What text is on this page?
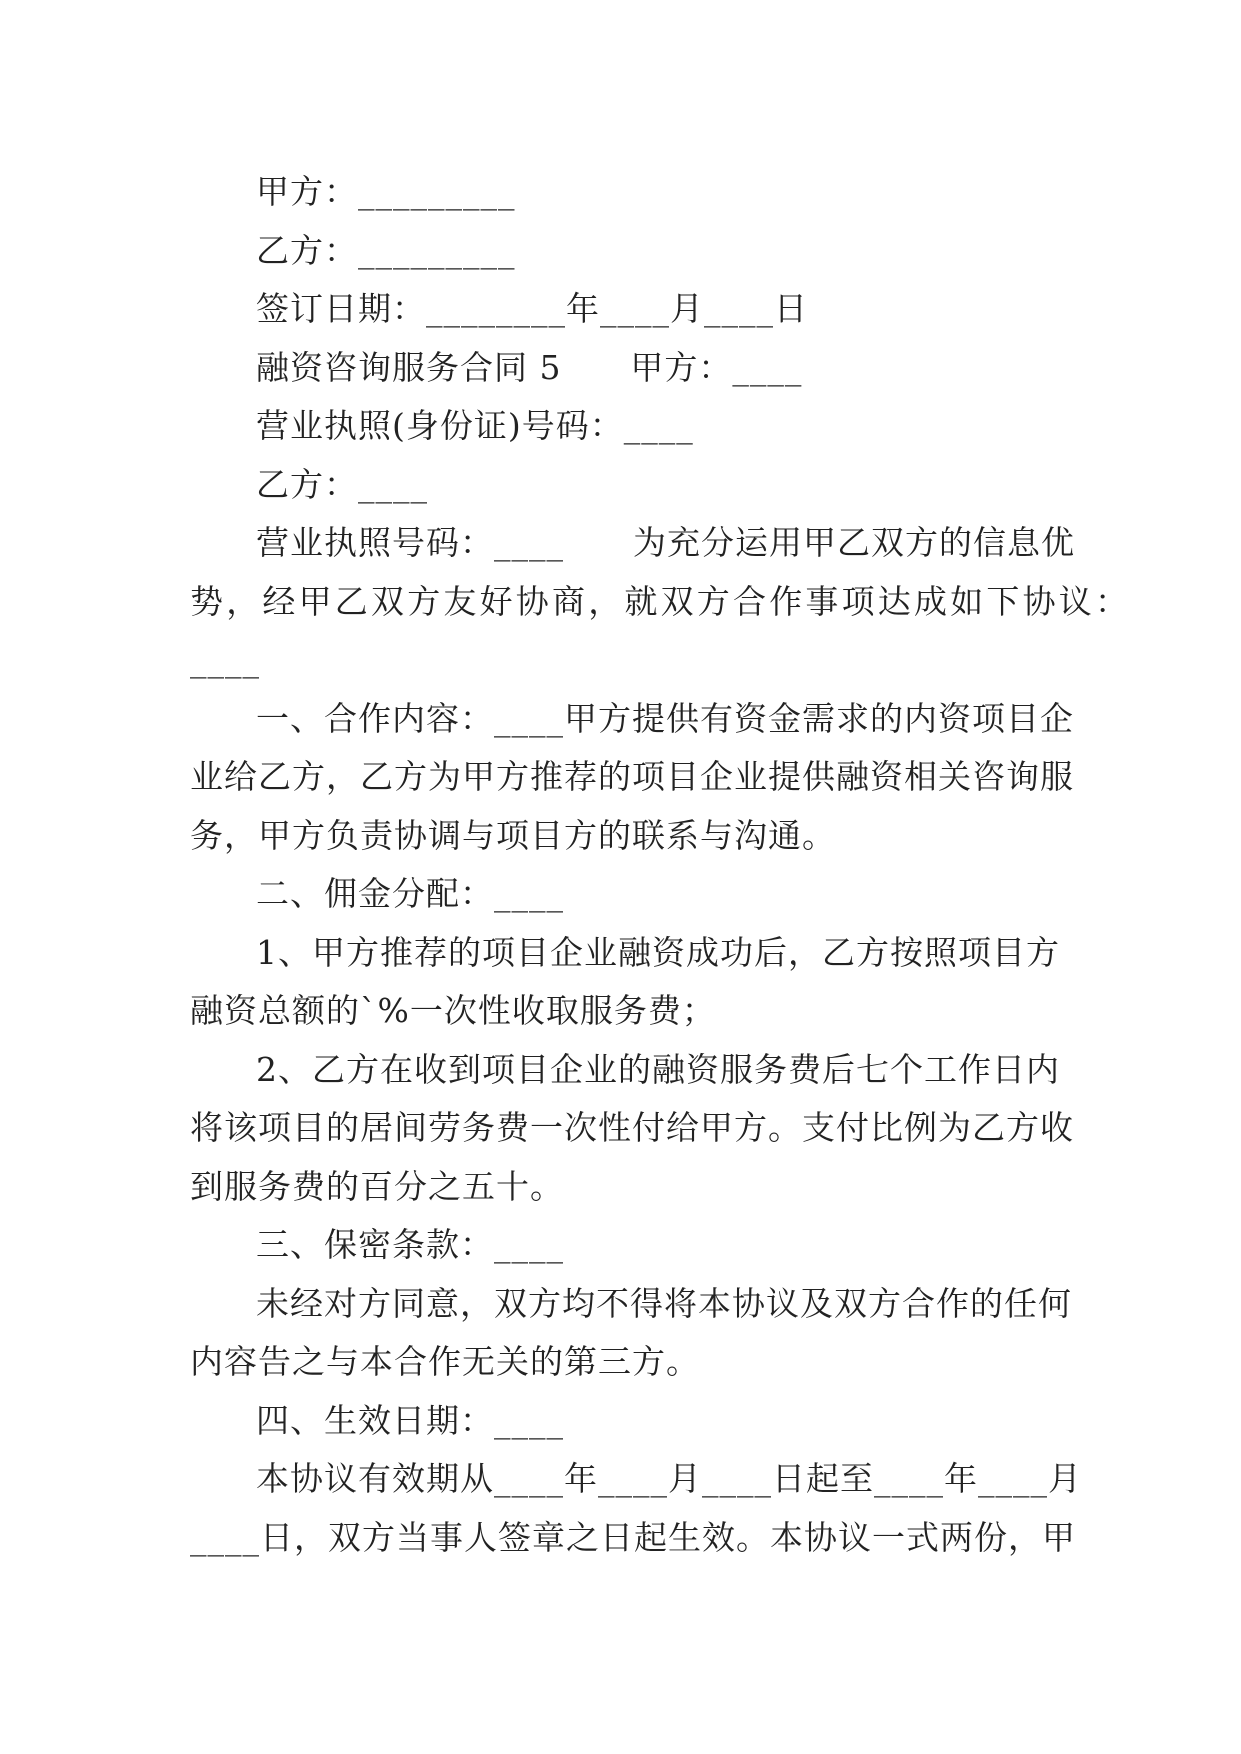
甲方：_________
乙方：_________
签订日期：________年____月____日
融资咨询服务合同 5      甲方：____
营业执照(身份证)号码：____
乙方：____
营业执照号码：____      为充分运用甲乙双方的信息优
势，经甲乙双方友好协商，就双方合作事项达成如下协议：
____
一、合作内容：____甲方提供有资金需求的内资项目企
业给乙方，乙方为甲方推荐的项目企业提供融资相关咨询服
务，甲方负责协调与项目方的联系与沟通。
二、佣金分配：____
1、甲方推荐的项目企业融资成功后，乙方按照项目方
融资总额的`%一次性收取服务费；
2、乙方在收到项目企业的融资服务费后七个工作日内
将该项目的居间劳务费一次性付给甲方。支付比例为乙方收
到服务费的百分之五十。
三、保密条款：____
未经对方同意，双方均不得将本协议及双方合作的任何
内容告之与本合作无关的第三方。
四、生效日期：____
本协议有效期从____年____月____日起至____年____月
____日，双方当事人签章之日起生效。本协议一式两份，甲
